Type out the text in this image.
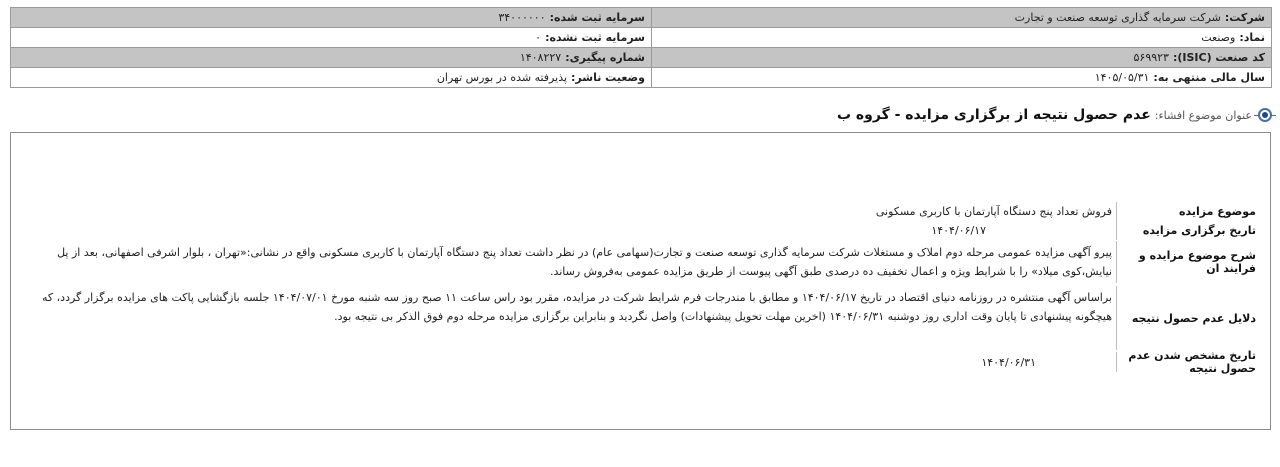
شرکت:شرکت سرمایه گذاری توسعه صنعت و تجارت	سرمایه ثبت شده:۳۴۰۰۰۰۰۰
نماد:وصنعت	سرمایه ثبت نشده:۰
کد صنعت (ISIC):۵۶۹۹۲۳	شماره پیگیری:۱۴۰۸۲۲۷
سال مالی منتهی به:۱۴۰۵/۰۵/۳۱	وضعیت ناشر:پذیرفته شده در بورس تهران
عنوان موضوع افشاء:
عدم حصول نتیجه از برگزاری مزایده - گروه ب
موضوع مزایده
فروش تعداد پنج دستگاه آپارتمان با کاربری مسکونی
تاریخ برگزاری مزایده
۱۴۰۴/۰۶/۱۷
شرح موضوع مزایده و فرایند ان
پیرو آگهی مزایده عمومی مرحله دوم املاک و مستغلات شرکت سرمایه گذاری توسعه صنعت و تجارت(سهامی عام) در نظر داشت تعداد پنج دستگاه آپارتمان با کاربری مسکونی واقع در نشانی:«تهران ، بلوار اشرفی اصفهانی، بعد از پل نیایش،کوی میلاد» را با شرایط ویژه و اعمال تخفیف ده درصدی طبق آگهی پیوست از طریق مزایده عمومی به‌فروش رساند.
دلایل عدم حصول نتیجه
براساس آگهی منتشره در روزنامه دنیای اقتصاد در تاریخ ۱۴۰۴/۰۶/۱۷ و مطابق با مندرجات فرم شرایط شرکت در مزایده، مقرر بود راس ساعت ۱۱ صبح روز سه شنبه مورخ ۱۴۰۴/۰۷/۰۱ جلسه بازگشایی پاکت های مزایده برگزار گردد، که هیچگونه پیشنهادی تا پایان وقت اداری روز دوشنبه ۱۴۰۴/۰۶/۳۱ (اخرین مهلت تحویل پیشنهادات) واصل نگردید و بنابراین برگزاری مزایده مرحله دوم فوق الذکر بی نتیجه بود.
تاریخ مشخص شدن عدم حصول نتیجه
۱۴۰۴/۰۶/۳۱
